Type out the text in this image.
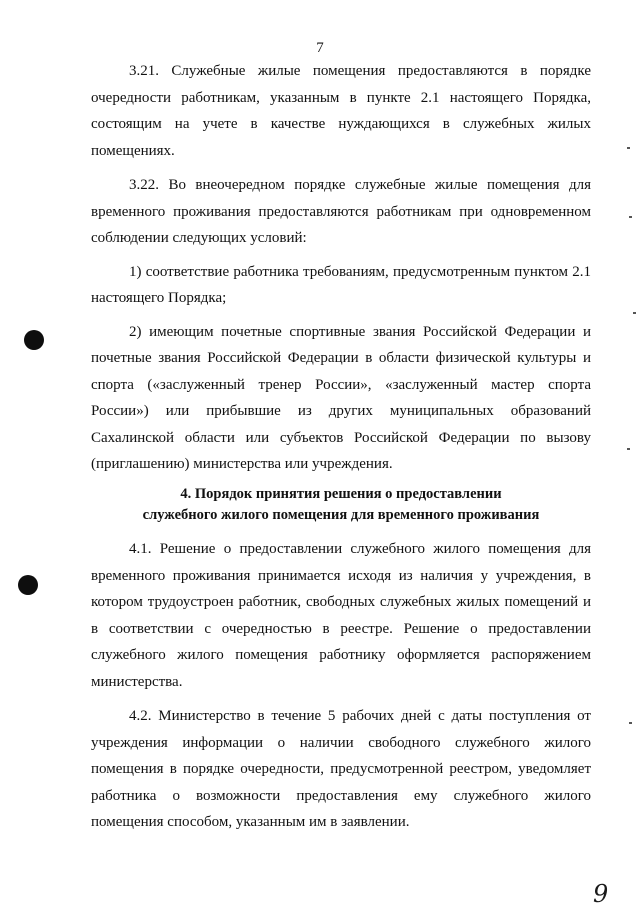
7

3.21. Служебные жилые помещения предоставляются в порядке очередности работникам, указанным в пункте 2.1 настоящего Порядка, состоящим на учете в качестве нуждающихся в служебных жилых помещениях.

3.22. Во внеочередном порядке служебные жилые помещения для временного проживания предоставляются работникам при одновременном соблюдении следующих условий:

1) соответствие работника требованиям, предусмотренным пунктом 2.1 настоящего Порядка;

2) имеющим почетные спортивные звания Российской Федерации и почетные звания Российской Федерации в области физической культуры и спорта («заслуженный тренер России», «заслуженный мастер спорта России») или прибывшие из других муниципальных образований Сахалинской области или субъектов Российской Федерации по вызову (приглашению) министерства или учреждения.

4. Порядок принятия решения о предоставлении
служебного жилого помещения для временного проживания

4.1. Решение о предоставлении служебного жилого помещения для временного проживания принимается исходя из наличия у учреждения, в котором трудоустроен работник, свободных служебных жилых помещений и в соответствии с очередностью в реестре. Решение о предоставлении служебного жилого помещения работнику оформляется распоряжением министерства.

4.2. Министерство в течение 5 рабочих дней с даты поступления от учреждения информации о наличии свободного служебного жилого помещения в порядке очередности, предусмотренной реестром, уведомляет работника о возможности предоставления ему служебного жилого помещения способом, указанным им в заявлении.

9
